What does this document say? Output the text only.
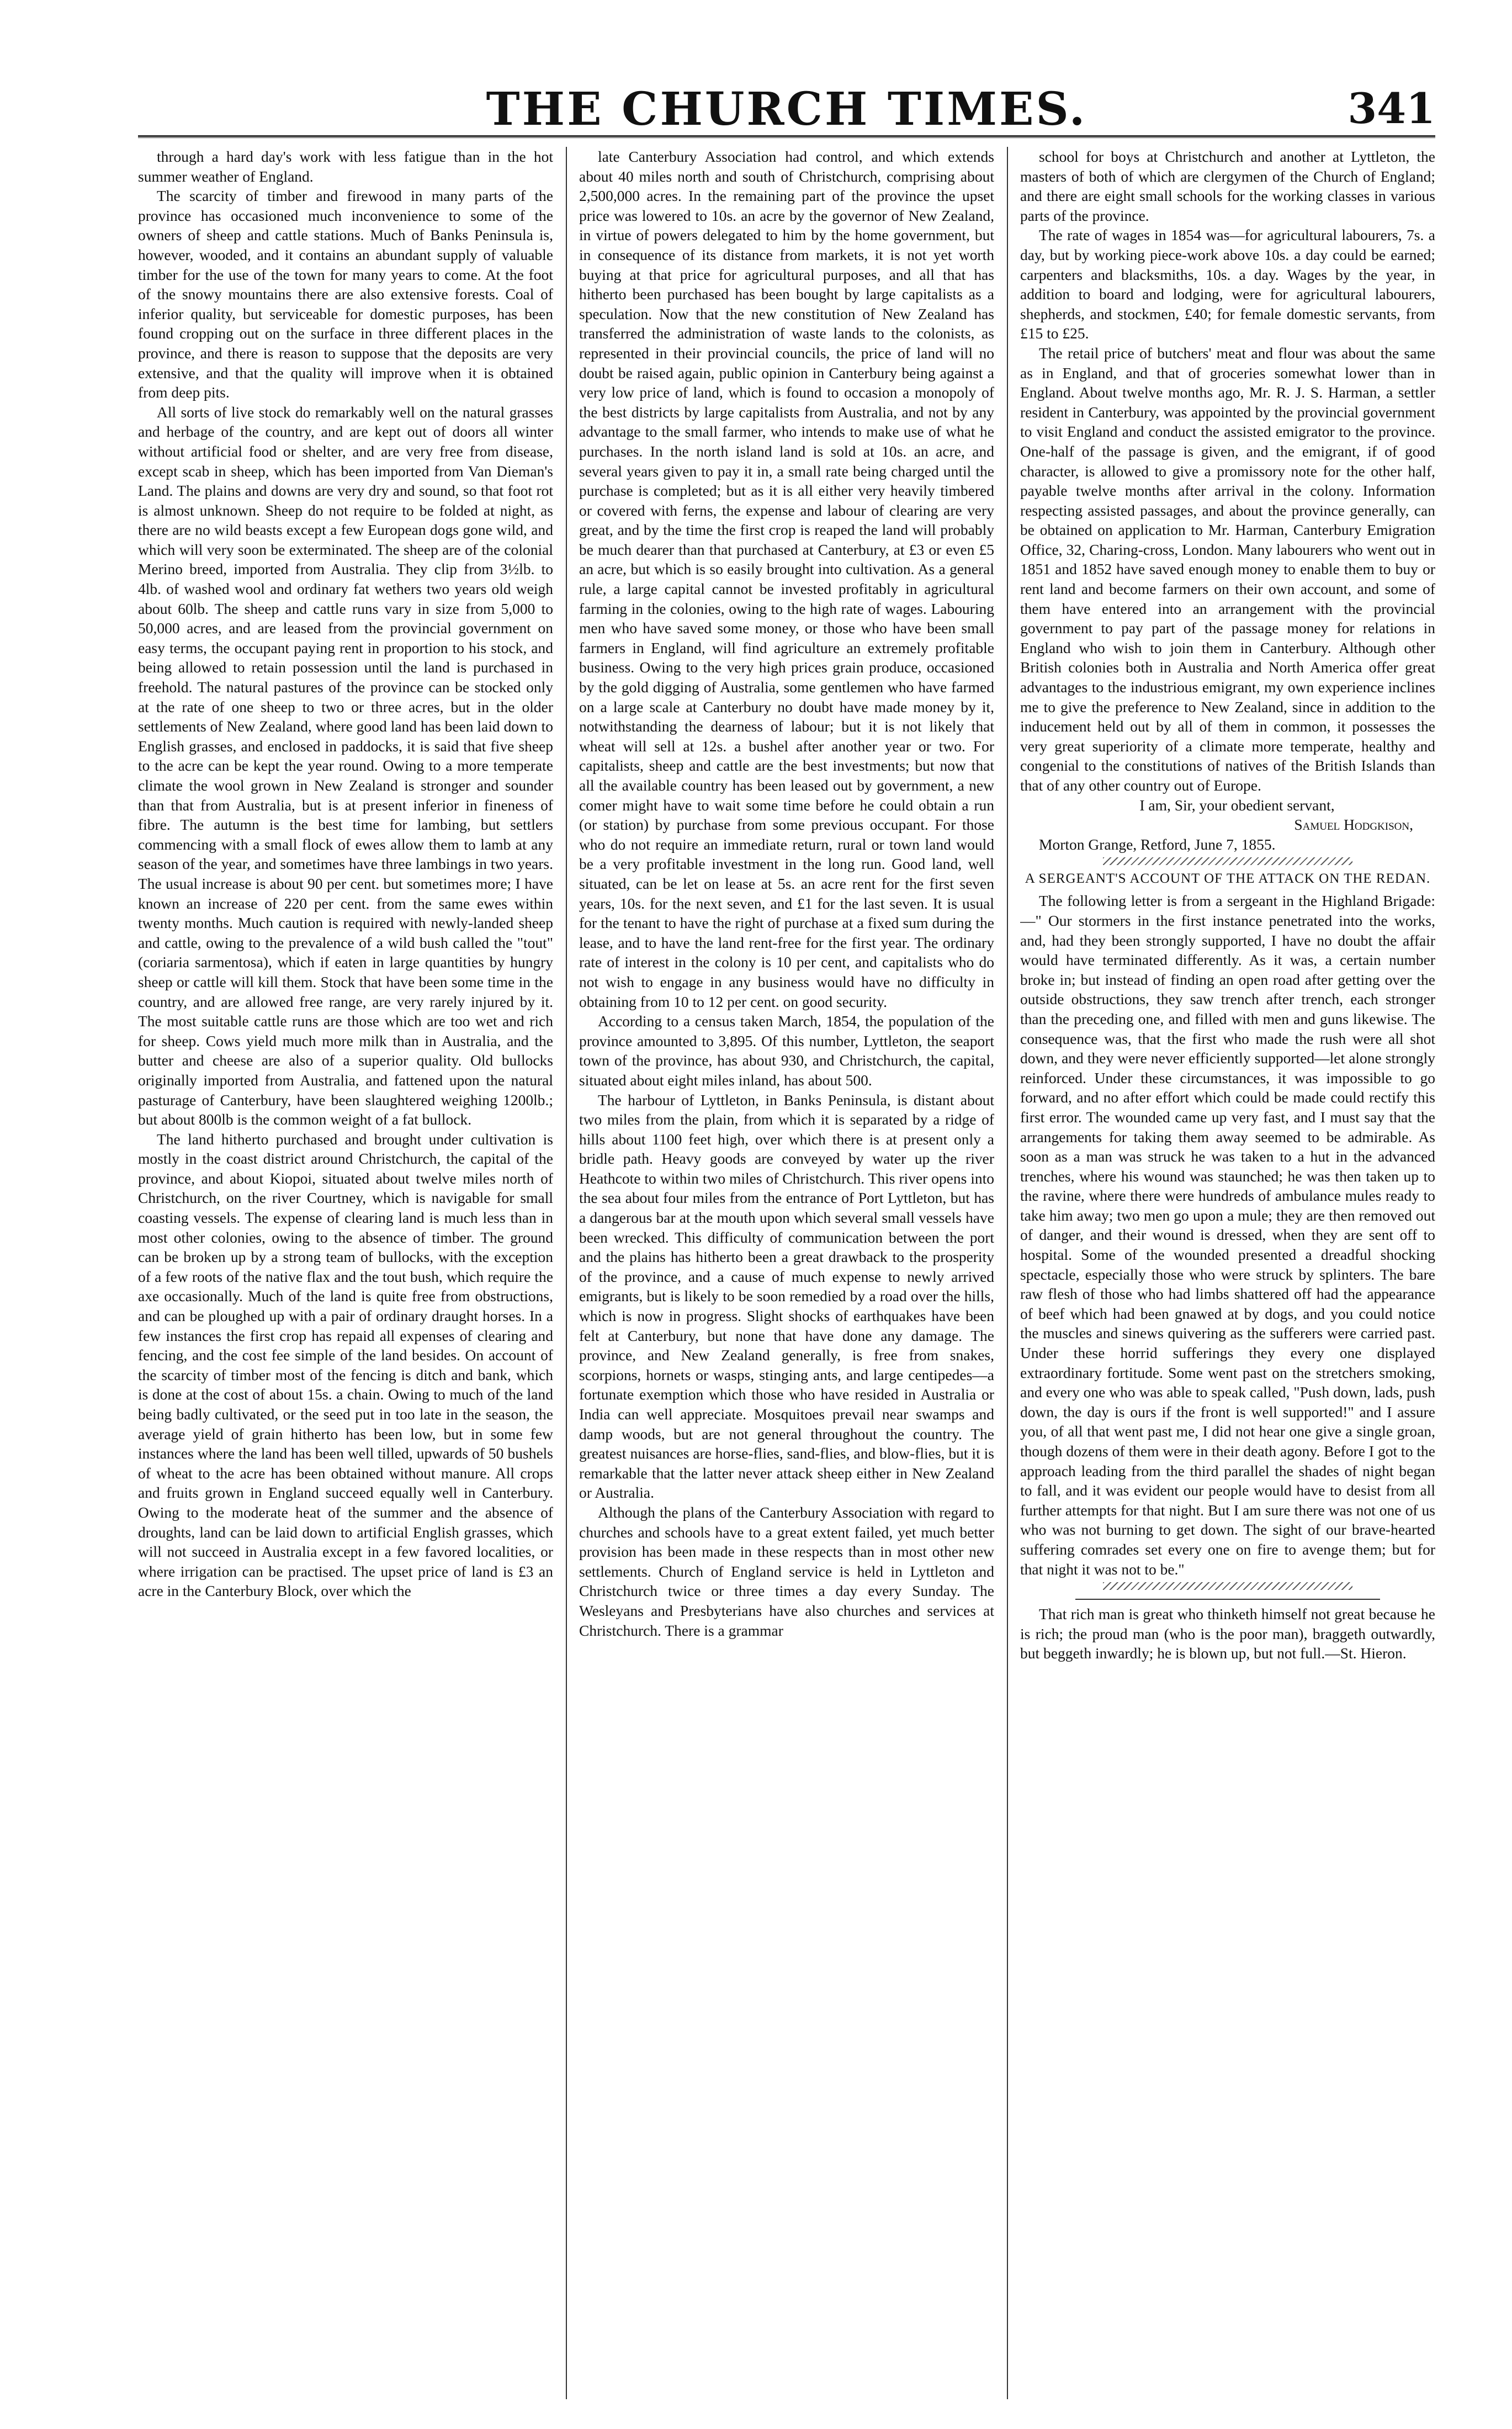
THE CHURCH TIMES.	341

through a hard day's work with less fatigue than in the hot summer weather of England.

The scarcity of timber and firewood in many parts of the province has occasioned much inconvenience to some of the owners of sheep and cattle stations. Much of Banks Peninsula is, however, wooded, and it contains an abundant supply of valuable timber for the use of the town for many years to come. At the foot of the snowy mountains there are also extensive forests. Coal of inferior quality, but serviceable for domestic purposes, has been found cropping out on the surface in three different places in the province, and there is reason to suppose that the deposits are very extensive, and that the quality will improve when it is obtained from deep pits.

All sorts of live stock do remarkably well on the natural grasses and herbage of the country, and are kept out of doors all winter without artificial food or shelter, and are very free from disease, except scab in sheep, which has been imported from Van Dieman's Land. The plains and downs are very dry and sound, so that foot rot is almost unknown. Sheep do not require to be folded at night, as there are no wild beasts except a few European dogs gone wild, and which will very soon be exterminated. The sheep are of the colonial Merino breed, imported from Australia. They clip from 3½lb. to 4lb. of washed wool and ordinary fat wethers two years old weigh about 60lb. The sheep and cattle runs vary in size from 5,000 to 50,000 acres, and are leased from the provincial government on easy terms, the occupant paying rent in proportion to his stock, and being allowed to retain possession until the land is purchased in freehold. The natural pastures of the province can be stocked only at the rate of one sheep to two or three acres, but in the older settlements of New Zealand, where good land has been laid down to English grasses, and enclosed in paddocks, it is said that five sheep to the acre can be kept the year round. Owing to a more temperate climate the wool grown in New Zealand is stronger and sounder than that from Australia, but is at present inferior in fineness of fibre. The autumn is the best time for lambing, but settlers commencing with a small flock of ewes allow them to lamb at any season of the year, and sometimes have three lambings in two years. The usual increase is about 90 per cent. but sometimes more; I have known an increase of 220 per cent. from the same ewes within twenty months. Much caution is required with newly-landed sheep and cattle, owing to the prevalence of a wild bush called the "tout" (coriaria sarmentosa), which if eaten in large quantities by hungry sheep or cattle will kill them. Stock that have been some time in the country, and are allowed free range, are very rarely injured by it. The most suitable cattle runs are those which are too wet and rich for sheep. Cows yield much more milk than in Australia, and the butter and cheese are also of a superior quality. Old bullocks originally imported from Australia, and fattened upon the natural pasturage of Canterbury, have been slaughtered weighing 1200lb.; but about 800lb is the common weight of a fat bullock.

The land hitherto purchased and brought under cultivation is mostly in the coast district around Christchurch, the capital of the province, and about Kiopoi, situated about twelve miles north of Christchurch, on the river Courtney, which is navigable for small coasting vessels. The expense of clearing land is much less than in most other colonies, owing to the absence of timber. The ground can be broken up by a strong team of bullocks, with the exception of a few roots of the native flax and the tout bush, which require the axe occasionally. Much of the land is quite free from obstructions, and can be ploughed up with a pair of ordinary draught horses. In a few instances the first crop has repaid all expenses of clearing and fencing, and the cost fee simple of the land besides. On account of the scarcity of timber most of the fencing is ditch and bank, which is done at the cost of about 15s. a chain. Owing to much of the land being badly cultivated, or the seed put in too late in the season, the average yield of grain hitherto has been low, but in some few instances where the land has been well tilled, upwards of 50 bushels of wheat to the acre has been obtained without manure. All crops and fruits grown in England succeed equally well in Canterbury. Owing to the moderate heat of the summer and the absence of droughts, land can be laid down to artificial English grasses, which will not succeed in Australia except in a few favored localities, or where irrigation can be practised. The upset price of land is £3 an acre in the Canterbury Block, over which the

late Canterbury Association had control, and which extends about 40 miles north and south of Christchurch, comprising about 2,500,000 acres. In the remaining part of the province the upset price was lowered to 10s. an acre by the governor of New Zealand, in virtue of powers delegated to him by the home government, but in consequence of its distance from markets, it is not yet worth buying at that price for agricultural purposes, and all that has hitherto been purchased has been bought by large capitalists as a speculation. Now that the new constitution of New Zealand has transferred the administration of waste lands to the colonists, as represented in their provincial councils, the price of land will no doubt be raised again, public opinion in Canterbury being against a very low price of land, which is found to occasion a monopoly of the best districts by large capitalists from Australia, and not by any advantage to the small farmer, who intends to make use of what he purchases. In the north island land is sold at 10s. an acre, and several years given to pay it in, a small rate being charged until the purchase is completed; but as it is all either very heavily timbered or covered with ferns, the expense and labour of clearing are very great, and by the time the first crop is reaped the land will probably be much dearer than that purchased at Canterbury, at £3 or even £5 an acre, but which is so easily brought into cultivation. As a general rule, a large capital cannot be invested profitably in agricultural farming in the colonies, owing to the high rate of wages. Labouring men who have saved some money, or those who have been small farmers in England, will find agriculture an extremely profitable business. Owing to the very high prices grain produce, occasioned by the gold digging of Australia, some gentlemen who have farmed on a large scale at Canterbury no doubt have made money by it, notwithstanding the dearness of labour; but it is not likely that wheat will sell at 12s. a bushel after another year or two. For capitalists, sheep and cattle are the best investments; but now that all the available country has been leased out by government, a new comer might have to wait some time before he could obtain a run (or station) by purchase from some previous occupant. For those who do not require an immediate return, rural or town land would be a very profitable investment in the long run. Good land, well situated, can be let on lease at 5s. an acre rent for the first seven years, 10s. for the next seven, and £1 for the last seven. It is usual for the tenant to have the right of purchase at a fixed sum during the lease, and to have the land rent-free for the first year. The ordinary rate of interest in the colony is 10 per cent, and capitalists who do not wish to engage in any business would have no difficulty in obtaining from 10 to 12 per cent. on good security.

According to a census taken March, 1854, the population of the province amounted to 3,895. Of this number, Lyttleton, the seaport town of the province, has about 930, and Christchurch, the capital, situated about eight miles inland, has about 500.

The harbour of Lyttleton, in Banks Peninsula, is distant about two miles from the plain, from which it is separated by a ridge of hills about 1100 feet high, over which there is at present only a bridle path. Heavy goods are conveyed by water up the river Heathcote to within two miles of Christchurch. This river opens into the sea about four miles from the entrance of Port Lyttleton, but has a dangerous bar at the mouth upon which several small vessels have been wrecked. This difficulty of communication between the port and the plains has hitherto been a great drawback to the prosperity of the province, and a cause of much expense to newly arrived emigrants, but is likely to be soon remedied by a road over the hills, which is now in progress. Slight shocks of earthquakes have been felt at Canterbury, but none that have done any damage. The province, and New Zealand generally, is free from snakes, scorpions, hornets or wasps, stinging ants, and large centipedes—a fortunate exemption which those who have resided in Australia or India can well appreciate. Mosquitoes prevail near swamps and damp woods, but are not general throughout the country. The greatest nuisances are horse-flies, sand-flies, and blow-flies, but it is remarkable that the latter never attack sheep either in New Zealand or Australia.

Although the plans of the Canterbury Association with regard to churches and schools have to a great extent failed, yet much better provision has been made in these respects than in most other new settlements. Church of England service is held in Lyttleton and Christchurch twice or three times a day every Sunday. The Wesleyans and Presbyterians have also churches and services at Christchurch. There is a grammar

school for boys at Christchurch and another at Lyttleton, the masters of both of which are clergymen of the Church of England; and there are eight small schools for the working classes in various parts of the province.

The rate of wages in 1854 was—for agricultural labourers, 7s. a day, but by working piece-work above 10s. a day could be earned; carpenters and blacksmiths, 10s. a day. Wages by the year, in addition to board and lodging, were for agricultural labourers, shepherds, and stockmen, £40; for female domestic servants, from £15 to £25.

The retail price of butchers' meat and flour was about the same as in England, and that of groceries somewhat lower than in England. About twelve months ago, Mr. R. J. S. Harman, a settler resident in Canterbury, was appointed by the provincial government to visit England and conduct the assisted emigrator to the province. One-half of the passage is given, and the emigrant, if of good character, is allowed to give a promissory note for the other half, payable twelve months after arrival in the colony. Information respecting assisted passages, and about the province generally, can be obtained on application to Mr. Harman, Canterbury Emigration Office, 32, Charing-cross, London. Many labourers who went out in 1851 and 1852 have saved enough money to enable them to buy or rent land and become farmers on their own account, and some of them have entered into an arrangement with the provincial government to pay part of the passage money for relations in England who wish to join them in Canterbury. Although other British colonies both in Australia and North America offer great advantages to the industrious emigrant, my own experience inclines me to give the preference to New Zealand, since in addition to the inducement held out by all of them in common, it possesses the very great superiority of a climate more temperate, healthy and congenial to the constitutions of natives of the British Islands than that of any other country out of Europe.

I am, Sir, your obedient servant,

Samuel Hodgkison,

Morton Grange, Retford, June 7, 1855.

A SERGEANT'S ACCOUNT OF THE ATTACK ON THE REDAN.

The following letter is from a sergeant in the Highland Brigade:—" Our stormers in the first instance penetrated into the works, and, had they been strongly supported, I have no doubt the affair would have terminated differently. As it was, a certain number broke in; but instead of finding an open road after getting over the outside obstructions, they saw trench after trench, each stronger than the preceding one, and filled with men and guns likewise. The consequence was, that the first who made the rush were all shot down, and they were never efficiently supported—let alone strongly reinforced. Under these circumstances, it was impossible to go forward, and no after effort which could be made could rectify this first error. The wounded came up very fast, and I must say that the arrangements for taking them away seemed to be admirable. As soon as a man was struck he was taken to a hut in the advanced trenches, where his wound was staunched; he was then taken up to the ravine, where there were hundreds of ambulance mules ready to take him away; two men go upon a mule; they are then removed out of danger, and their wound is dressed, when they are sent off to hospital. Some of the wounded presented a dreadful shocking spectacle, especially those who were struck by splinters. The bare raw flesh of those who had limbs shattered off had the appearance of beef which had been gnawed at by dogs, and you could notice the muscles and sinews quivering as the sufferers were carried past. Under these horrid sufferings they every one displayed extraordinary fortitude. Some went past on the stretchers smoking, and every one who was able to speak called, "Push down, lads, push down, the day is ours if the front is well supported!" and I assure you, of all that went past me, I did not hear one give a single groan, though dozens of them were in their death agony. Before I got to the approach leading from the third parallel the shades of night began to fall, and it was evident our people would have to desist from all further attempts for that night. But I am sure there was not one of us who was not burning to get down. The sight of our brave-hearted suffering comrades set every one on fire to avenge them; but for that night it was not to be."

That rich man is great who thinketh himself not great because he is rich; the proud man (who is the poor man), braggeth outwardly, but beggeth inwardly; he is blown up, but not full.—St. Hieron.
